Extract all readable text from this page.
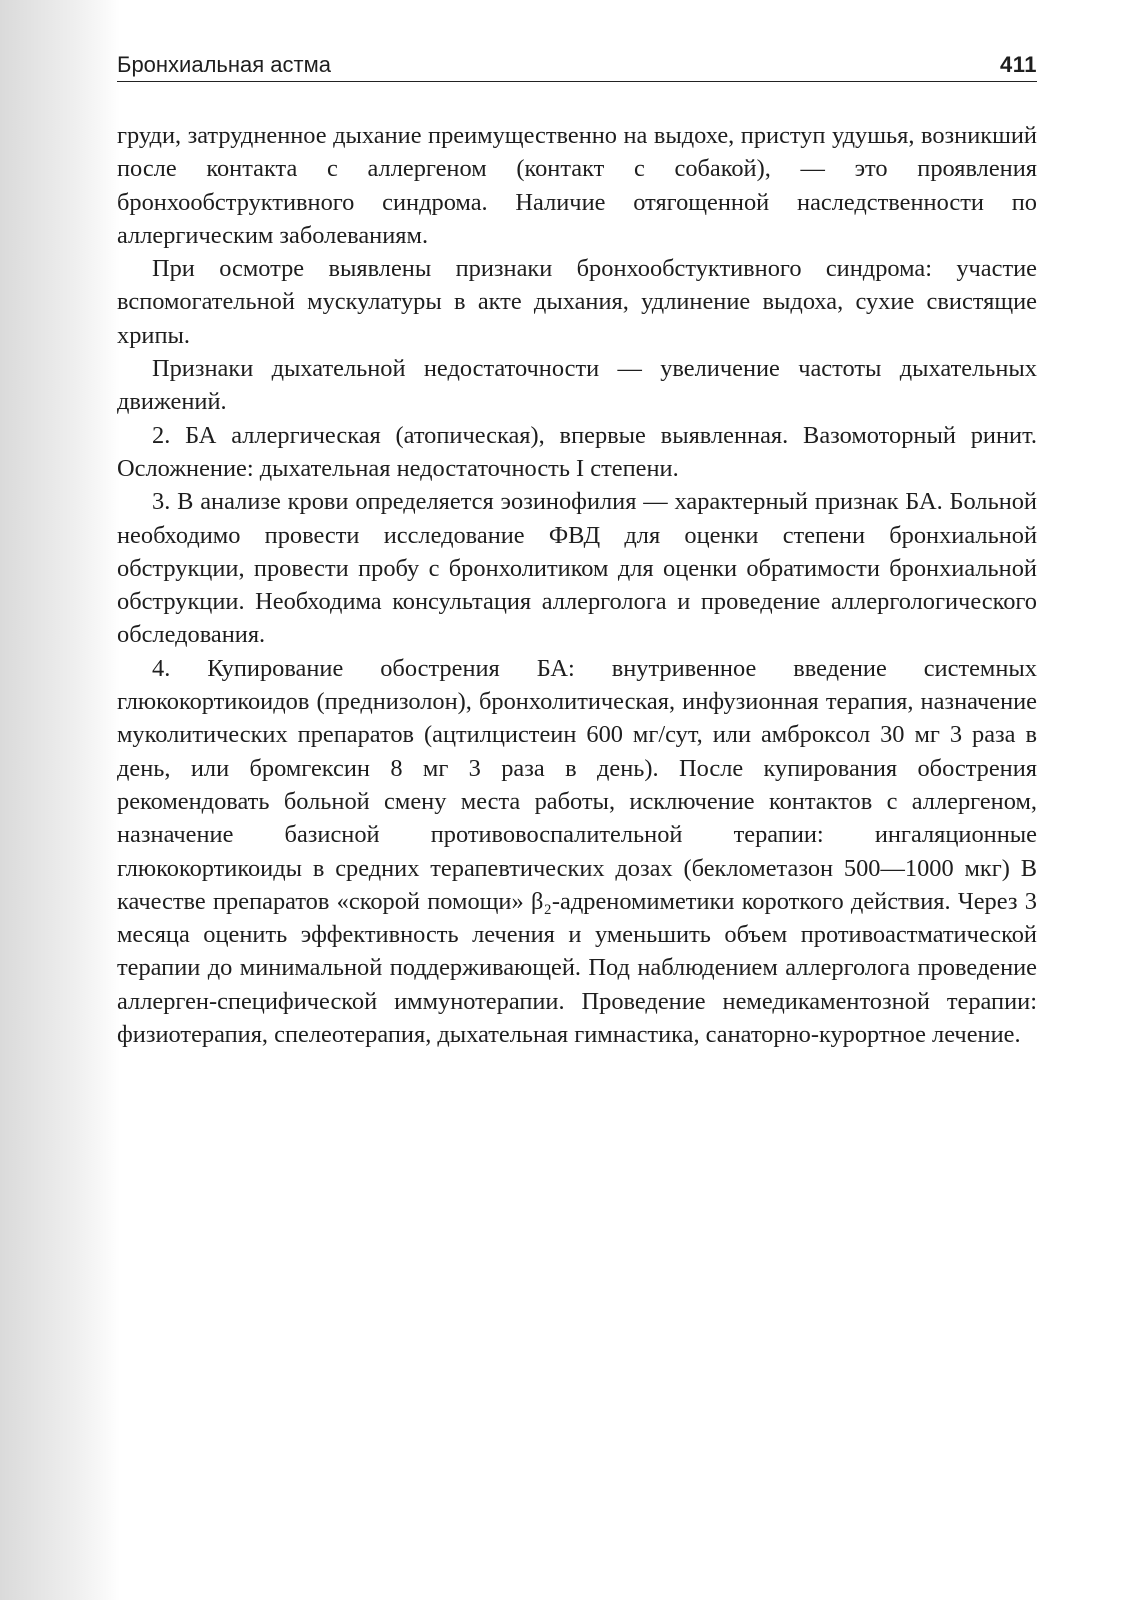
Бронхиальная астма	411

груди, затрудненное дыхание преимущественно на выдохе, приступ удушья, возникший после контакта с аллергеном (контакт с собакой), — это проявления бронхообструктивного синдрома. Наличие отягощенной наследственности по аллергическим заболеваниям.

При осмотре выявлены признаки бронхообстуктивного синдрома: участие вспомогательной мускулатуры в акте дыхания, удлинение выдоха, сухие свистящие хрипы.

Признаки дыхательной недостаточности — увеличение частоты дыхательных движений.

2. БА аллергическая (атопическая), впервые выявленная. Вазомоторный ринит. Осложнение: дыхательная недостаточность I степени.

3. В анализе крови определяется эозинофилия — характерный признак БА. Больной необходимо провести исследование ФВД для оценки степени бронхиальной обструкции, провести пробу с бронхолитиком для оценки обратимости бронхиальной обструкции. Необходима консультация аллерголога и проведение аллергологического обследования.

4. Купирование обострения БА: внутривенное введение системных глюкокортикоидов (преднизолон), бронхолитическая, инфузионная терапия, назначение муколитических препаратов (ацтилцистеин 600 мг/сут, или амброксол 30 мг 3 раза в день, или бромгексин 8 мг 3 раза в день). После купирования обострения рекомендовать больной смену места работы, исключение контактов с аллергеном, назначение базисной противовоспалительной терапии: ингаляционные глюкокортикоиды в средних терапевтических дозах (беклометазон 500—1000 мкг) В качестве препаратов «скорой помощи» β₂-адреномиметики короткого действия. Через 3 месяца оценить эффективность лечения и уменьшить объем противоастматической терапии до минимальной поддерживающей. Под наблюдением аллерголога проведение аллерген-специфической иммунотерапии. Проведение немедикаментозной терапии: физиотерапия, спелеотерапия, дыхательная гимнастика, санаторно-курортное лечение.
